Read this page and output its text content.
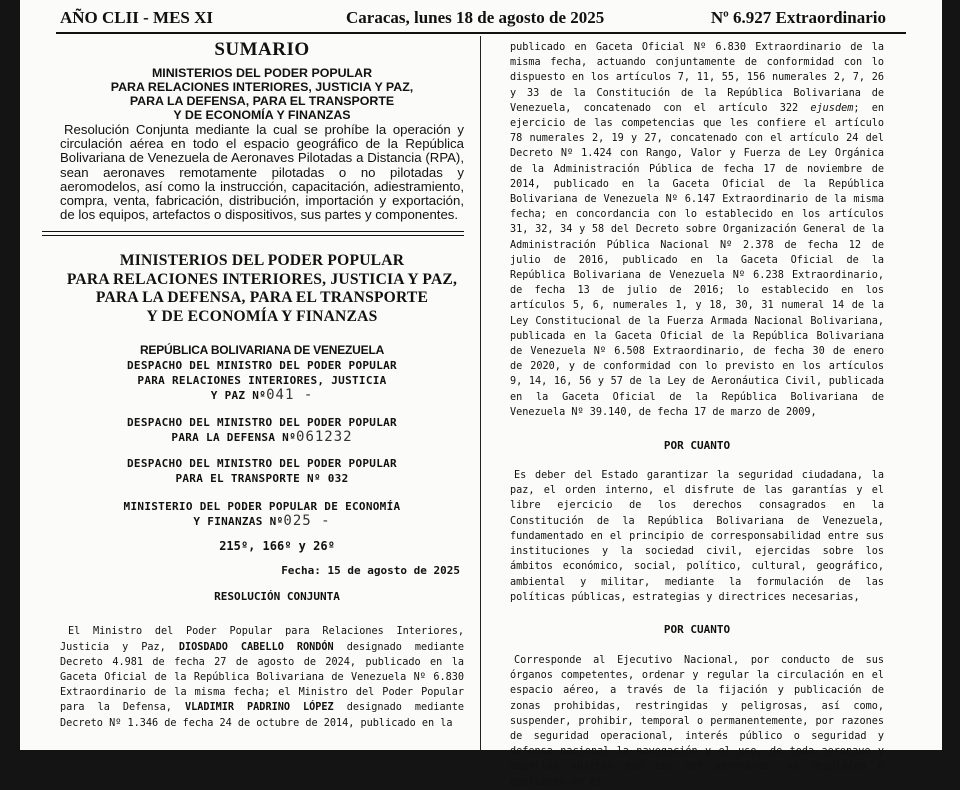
AÑO CLII - MES XI	Caracas, lunes 18 de agosto de 2025	Nº 6.927 Extraordinario
SUMARIO
MINISTERIOS DEL PODER POPULAR
PARA RELACIONES INTERIORES, JUSTICIA Y PAZ,
PARA LA DEFENSA, PARA EL TRANSPORTE
Y DE ECONOMÍA Y FINANZAS
Resolución Conjunta mediante la cual se prohíbe la operación y circulación aérea en todo el espacio geográfico de la República Bolivariana de Venezuela de Aeronaves Pilotadas a Distancia (RPA), sean aeronaves remotamente pilotadas o no pilotadas y aeromodelos, así como la instrucción, capacitación, adiestramiento, compra, venta, fabricación, distribución, importación y exportación, de los equipos, artefactos o dispositivos, sus partes y componentes.
MINISTERIOS DEL PODER POPULAR
PARA RELACIONES INTERIORES, JUSTICIA Y PAZ,
PARA LA DEFENSA, PARA EL TRANSPORTE
Y DE ECONOMÍA Y FINANZAS
REPÚBLICA BOLIVARIANA DE VENEZUELA
DESPACHO DEL MINISTRO DEL PODER POPULAR
PARA RELACIONES INTERIORES, JUSTICIA
Y PAZ Nº041 -
DESPACHO DEL MINISTRO DEL PODER POPULAR
PARA LA DEFENSA Nº061232
DESPACHO DEL MINISTRO DEL PODER POPULAR
PARA EL TRANSPORTE Nº 032
MINISTERIO DEL PODER POPULAR DE ECONOMÍA
Y FINANZAS Nº025 -
215º, 166º y 26º
Fecha: 15 de agosto de 2025
RESOLUCIÓN CONJUNTA
El Ministro del Poder Popular para Relaciones Interiores, Justicia y Paz, DIOSDADO CABELLO RONDÓN designado mediante Decreto 4.981 de fecha 27 de agosto de 2024, publicado en la Gaceta Oficial de la República Bolivariana de Venezuela Nº 6.830 Extraordinario de la misma fecha; el Ministro del Poder Popular para la Defensa, VLADIMIR PADRINO LÓPEZ designado mediante Decreto Nº 1.346 de fecha 24 de octubre de 2014, publicado en la
publicado en Gaceta Oficial Nº 6.830 Extraordinario de la misma fecha, actuando conjuntamente de conformidad con lo dispuesto en los artículos 7, 11, 55, 156 numerales 2, 7, 26 y 33 de la Constitución de la República Bolivariana de Venezuela, concatenado con el artículo 322 ejusdem; en ejercicio de las competencias que les confiere el artículo 78 numerales 2, 19 y 27, concatenado con el artículo 24 del Decreto Nº 1.424 con Rango, Valor y Fuerza de Ley Orgánica de la Administración Pública de fecha 17 de noviembre de 2014, publicado en la Gaceta Oficial de la República Bolivariana de Venezuela Nº 6.147 Extraordinario de la misma fecha; en concordancia con lo establecido en los artículos 31, 32, 34 y 58 del Decreto sobre Organización General de la Administración Pública Nacional Nº 2.378 de fecha 12 de julio de 2016, publicado en la Gaceta Oficial de la República Bolivariana de Venezuela Nº 6.238 Extraordinario, de fecha 13 de julio de 2016; lo establecido en los artículos 5, 6, numerales 1, y 18, 30, 31 numeral 14 de la Ley Constitucional de la Fuerza Armada Nacional Bolivariana, publicada en la Gaceta Oficial de la República Bolivariana de Venezuela Nº 6.508 Extraordinario, de fecha 30 de enero de 2020, y de conformidad con lo previsto en los artículos 9, 14, 16, 56 y 57 de la Ley de Aeronáutica Civil, publicada en la Gaceta Oficial de la República Bolivariana de Venezuela Nº 39.140, de fecha 17 de marzo de 2009,
POR CUANTO
Es deber del Estado garantizar la seguridad ciudadana, la paz, el orden interno, el disfrute de las garantías y el libre ejercicio de los derechos consagrados en la Constitución de la República Bolivariana de Venezuela, fundamentado en el principio de corresponsabilidad entre sus instituciones y la sociedad civil, ejercidas sobre los ámbitos económico, social, político, cultural, geográfico, ambiental y militar, mediante la formulación de las políticas públicas, estrategias y directrices necesarias,
POR CUANTO
Corresponde al Ejecutivo Nacional, por conducto de sus órganos competentes, ordenar y regular la circulación en el espacio aéreo, a través de la fijación y publicación de zonas prohibidas, restringidas y peligrosas, así como, suspender, prohibir, temporal o permanentemente, por razones de seguridad operacional, interés público o seguridad y defensa nacional la navegación y el uso, de toda aeronave y aquellos objetos que sin ser aeronaves, se desplacen o gestionen en el
